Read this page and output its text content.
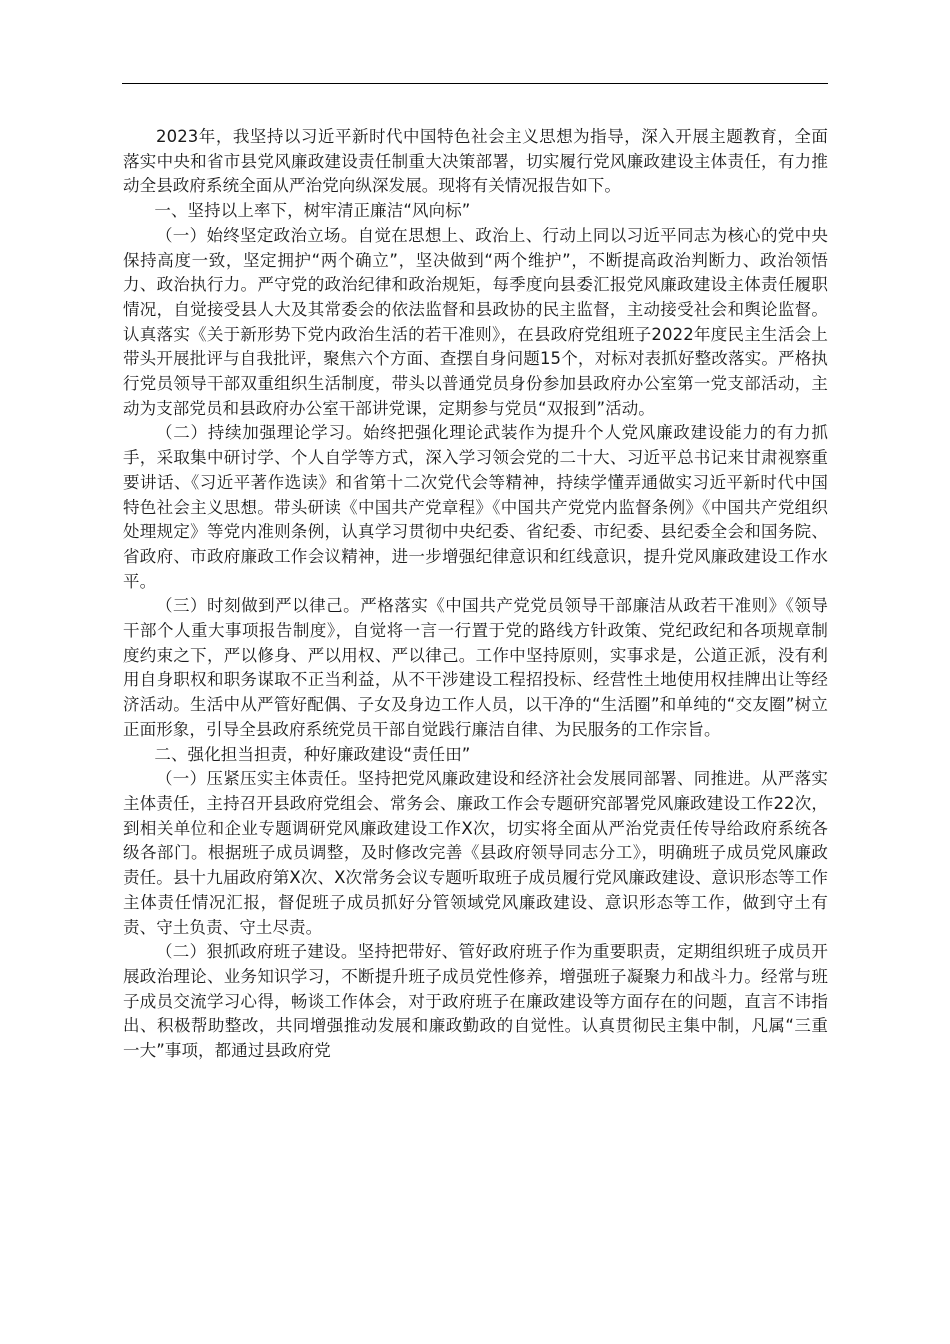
2023年，我坚持以习近平新时代中国特色社会主义思想为指导，深入开展主题教育，全面落实中央和省市县党风廉政建设责任制重大决策部署，切实履行党风廉政建设主体责任，有力推动全县政府系统全面从严治党向纵深发展。现将有关情况报告如下。

一、坚持以上率下，树牢清正廉洁“风向标”

（一）始终坚定政治立场。自觉在思想上、政治上、行动上同以习近平同志为核心的党中央保持高度一致，坚定拥护“两个确立”，坚决做到“两个维护”，不断提高政治判断力、政治领悟力、政治执行力。严守党的政治纪律和政治规矩，每季度向县委汇报党风廉政建设主体责任履职情况，自觉接受县人大及其常委会的依法监督和县政协的民主监督，主动接受社会和舆论监督。认真落实《关于新形势下党内政治生活的若干准则》，在县政府党组班子2022年度民主生活会上带头开展批评与自我批评，聚焦六个方面、查摆自身问题15个，对标对表抓好整改落实。严格执行党员领导干部双重组织生活制度，带头以普通党员身份参加县政府办公室第一党支部活动，主动为支部党员和县政府办公室干部讲党课，定期参与党员“双报到”活动。

（二）持续加强理论学习。始终把强化理论武装作为提升个人党风廉政建设能力的有力抓手，采取集中研讨学、个人自学等方式，深入学习领会党的二十大、习近平总书记来甘肃视察重要讲话、《习近平著作选读》和省第十二次党代会等精神，持续学懂弄通做实习近平新时代中国特色社会主义思想。带头研读《中国共产党章程》《中国共产党党内监督条例》《中国共产党组织处理规定》等党内准则条例，认真学习贯彻中央纪委、省纪委、市纪委、县纪委全会和国务院、省政府、市政府廉政工作会议精神，进一步增强纪律意识和红线意识，提升党风廉政建设工作水平。

（三）时刻做到严以律己。严格落实《中国共产党党员领导干部廉洁从政若干准则》《领导干部个人重大事项报告制度》，自觉将一言一行置于党的路线方针政策、党纪政纪和各项规章制度约束之下，严以修身、严以用权、严以律己。工作中坚持原则，实事求是，公道正派，没有利用自身职权和职务谋取不正当利益，从不干涉建设工程招投标、经营性土地使用权挂牌出让等经济活动。生活中从严管好配偶、子女及身边工作人员，以干净的“生活圈”和单纯的“交友圈”树立正面形象，引导全县政府系统党员干部自觉践行廉洁自律、为民服务的工作宗旨。

二、强化担当担责，种好廉政建设“责任田”

（一）压紧压实主体责任。坚持把党风廉政建设和经济社会发展同部署、同推进。从严落实主体责任，主持召开县政府党组会、常务会、廉政工作会专题研究部署党风廉政建设工作22次，到相关单位和企业专题调研党风廉政建设工作X次，切实将全面从严治党责任传导给政府系统各级各部门。根据班子成员调整，及时修改完善《县政府领导同志分工》，明确班子成员党风廉政责任。县十九届政府第X次、X次常务会议专题听取班子成员履行党风廉政建设、意识形态等工作主体责任情况汇报，督促班子成员抓好分管领域党风廉政建设、意识形态等工作，做到守土有责、守土负责、守土尽责。

（二）狠抓政府班子建设。坚持把带好、管好政府班子作为重要职责，定期组织班子成员开展政治理论、业务知识学习，不断提升班子成员党性修养，增强班子凝聚力和战斗力。经常与班子成员交流学习心得，畅谈工作体会，对于政府班子在廉政建设等方面存在的问题，直言不讳指出、积极帮助整改，共同增强推动发展和廉政勤政的自觉性。认真贯彻民主集中制，凡属“三重一大”事项，都通过县政府党
